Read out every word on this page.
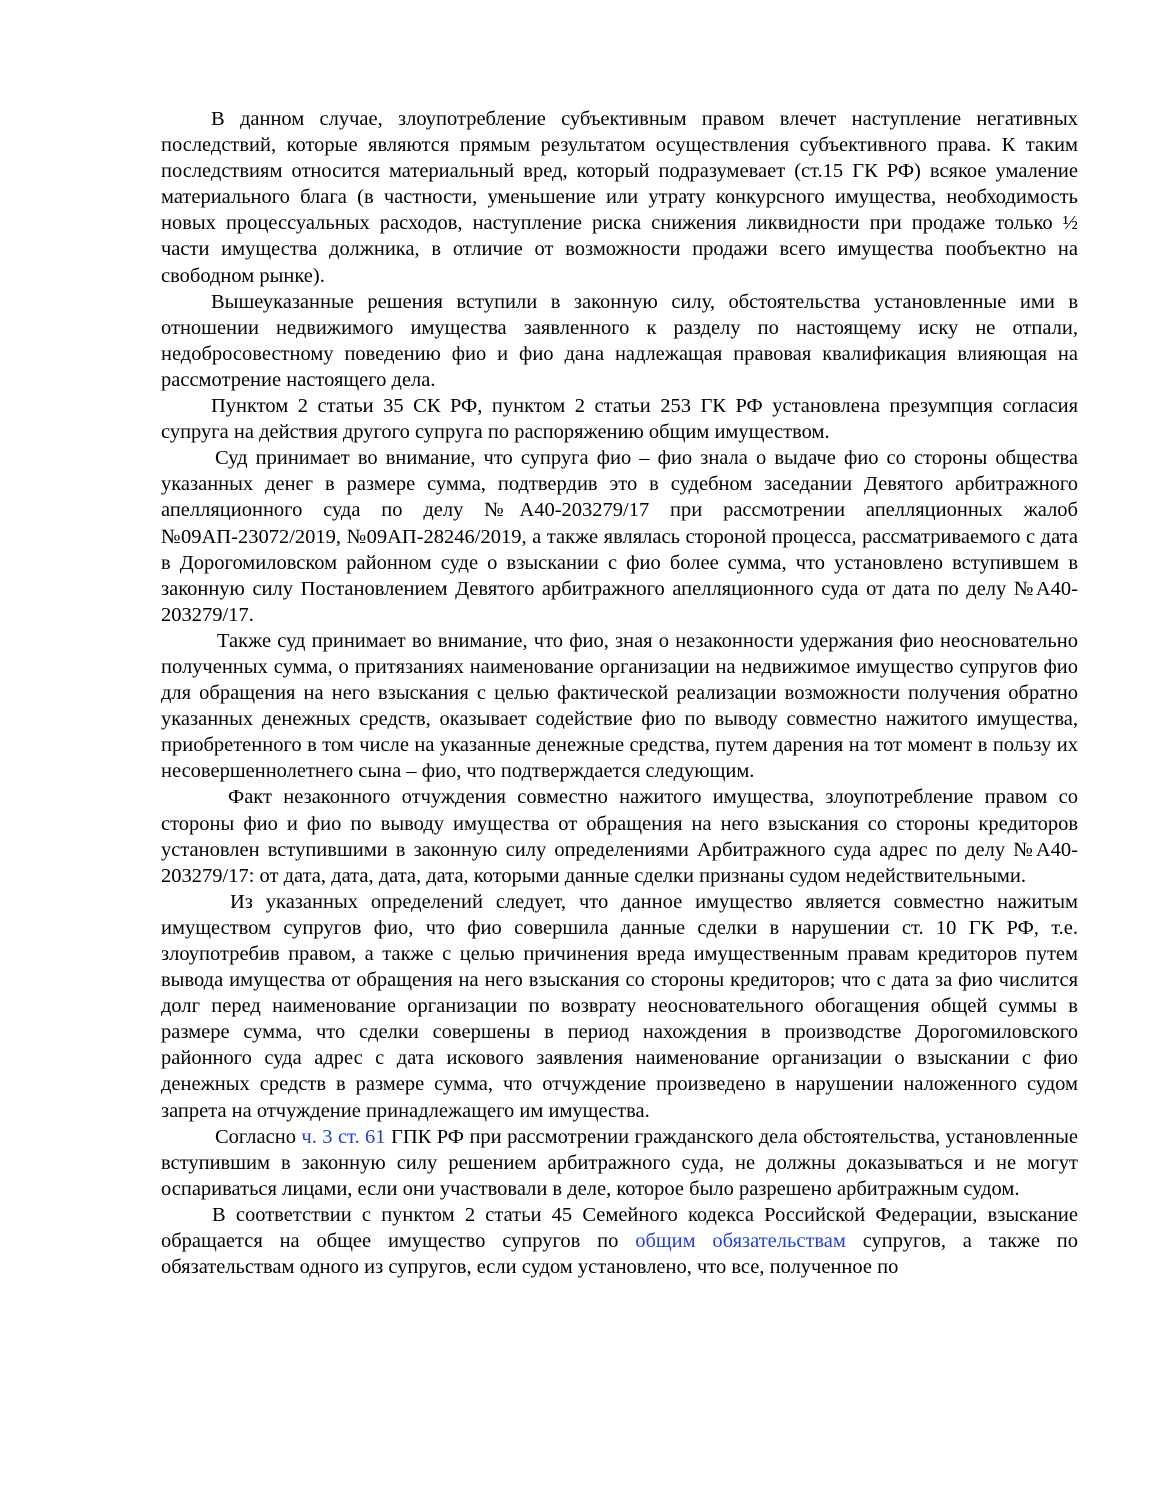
В данном случае, злоупотребление субъективным правом влечет наступление негативных последствий, которые являются прямым результатом осуществления субъективного права. К таким последствиям относится материальный вред, который подразумевает (ст.15 ГК РФ) всякое умаление материального блага (в частности, уменьшение или утрату конкурсного имущества, необходимость новых процессуальных расходов, наступление риска снижения ликвидности при продаже только ½ части имущества должника, в отличие от возможности продажи всего имущества пообъектно на свободном рынке).

Вышеуказанные решения вступили в законную силу, обстоятельства установленные ими в отношении недвижимого имущества заявленного к разделу по настоящему иску не отпали, недобросовестному поведению фио и фио дана надлежащая правовая квалификация влияющая на рассмотрение настоящего дела.

Пунктом 2 статьи 35 СК РФ, пунктом 2 статьи 253 ГК РФ установлена презумпция согласия супруга на действия другого супруга по распоряжению общим имуществом.

Суд принимает во внимание, что супруга фио – фио знала о выдаче фио со стороны общества указанных денег в размере сумма, подтвердив это в судебном заседании Девятого арбитражного апелляционного суда по делу №А40-203279/17 при рассмотрении апелляционных жалоб №09АП-23072/2019, №09АП-28246/2019, а также являлась стороной процесса, рассматриваемого с дата в Дорогомиловском районном суде о взыскании с фио более сумма, что установлено вступившем в законную силу Постановлением Девятого арбитражного апелляционного суда от дата по делу №А40-203279/17.

Также суд принимает во внимание, что фио, зная о незаконности удержания фио неосновательно полученных сумма, о притязаниях наименование организации на недвижимое имущество супругов фио для обращения на него взыскания с целью фактической реализации возможности получения обратно указанных денежных средств, оказывает содействие фио по выводу совместно нажитого имущества, приобретенного в том числе на указанные денежные средства, путем дарения на тот момент в пользу их несовершеннолетнего сына – фио, что подтверждается следующим.

Факт незаконного отчуждения совместно нажитого имущества, злоупотребление правом со стороны фио и фио по выводу имущества от обращения на него взыскания со стороны кредиторов установлен вступившими в законную силу определениями Арбитражного суда адрес по делу №А40-203279/17: от дата, дата, дата, дата, которыми данные сделки признаны судом недействительными.

Из указанных определений следует, что данное имущество является совместно нажитым имуществом супругов фио, что фио совершила данные сделки в нарушении ст. 10 ГК РФ, т.е. злоупотребив правом, а также с целью причинения вреда имущественным правам кредиторов путем вывода имущества от обращения на него взыскания со стороны кредиторов; что с дата за фио числится долг перед наименование организации по возврату неосновательного обогащения общей суммы в размере сумма, что сделки совершены в период нахождения в производстве Дорогомиловского районного суда адрес с дата искового заявления наименование организации о взыскании с фио денежных средств в размере сумма, что отчуждение произведено в нарушении наложенного судом запрета на отчуждение принадлежащего им имущества.

Согласно ч. 3 ст. 61 ГПК РФ при рассмотрении гражданского дела обстоятельства, установленные вступившим в законную силу решением арбитражного суда, не должны доказываться и не могут оспариваться лицами, если они участвовали в деле, которое было разрешено арбитражным судом.

В соответствии с пунктом 2 статьи 45 Семейного кодекса Российской Федерации, взыскание обращается на общее имущество супругов по общим обязательствам супругов, а также по обязательствам одного из супругов, если судом установлено, что все, полученное по
